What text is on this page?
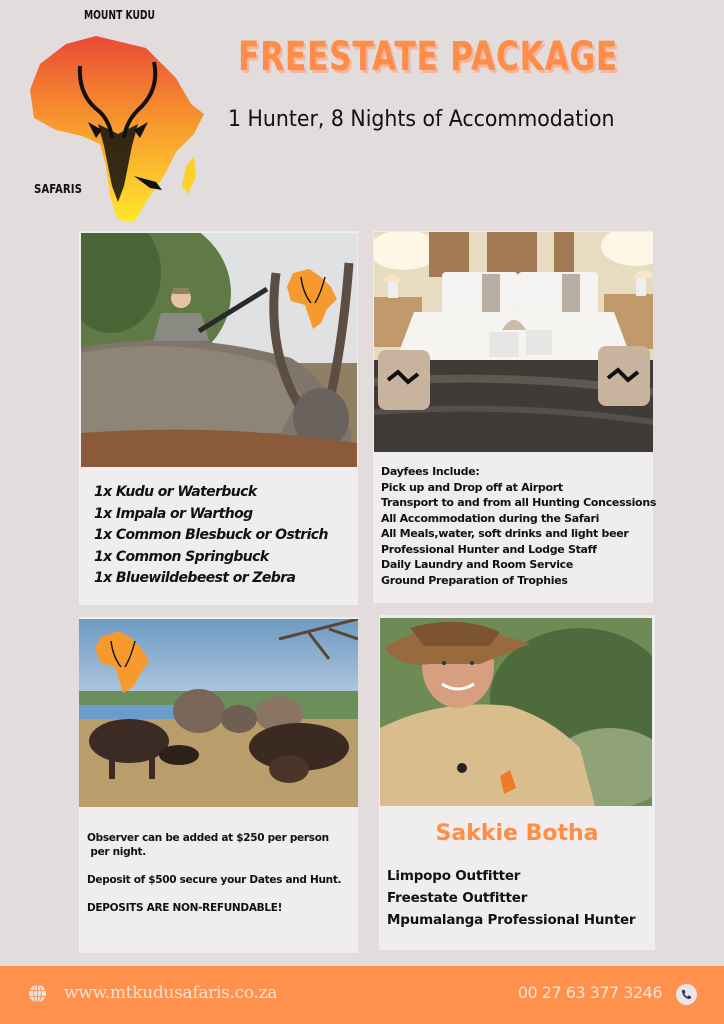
MOUNT KUDU
SAFARIS
FREESTATE PACKAGE
1 Hunter, 8 Nights of Accommodation
1x Kudu or Waterbuck
1x Impala or Warthog
1x Common Blesbuck or Ostrich
1x Common Springbuck
1x Bluewildebeest or Zebra
Dayfees Include:
Pick up and Drop off at Airport
Transport to and from all Hunting Concessions
All Accommodation during the Safari
All Meals,water, soft drinks and light beer
Professional Hunter and Lodge Staff
Daily Laundry and Room Service
Ground Preparation of Trophies

Observer can be added at $250 per person
per night.

Deposit of $500 secure your Dates and Hunt.

DEPOSITS ARE NON-REFUNDABLE!

Sakkie Botha
Limpopo Outfitter
Freestate Outfitter
Mpumalanga Professional Hunter
www.mtkudusafaris.co.za	00 27 63 377 3246
